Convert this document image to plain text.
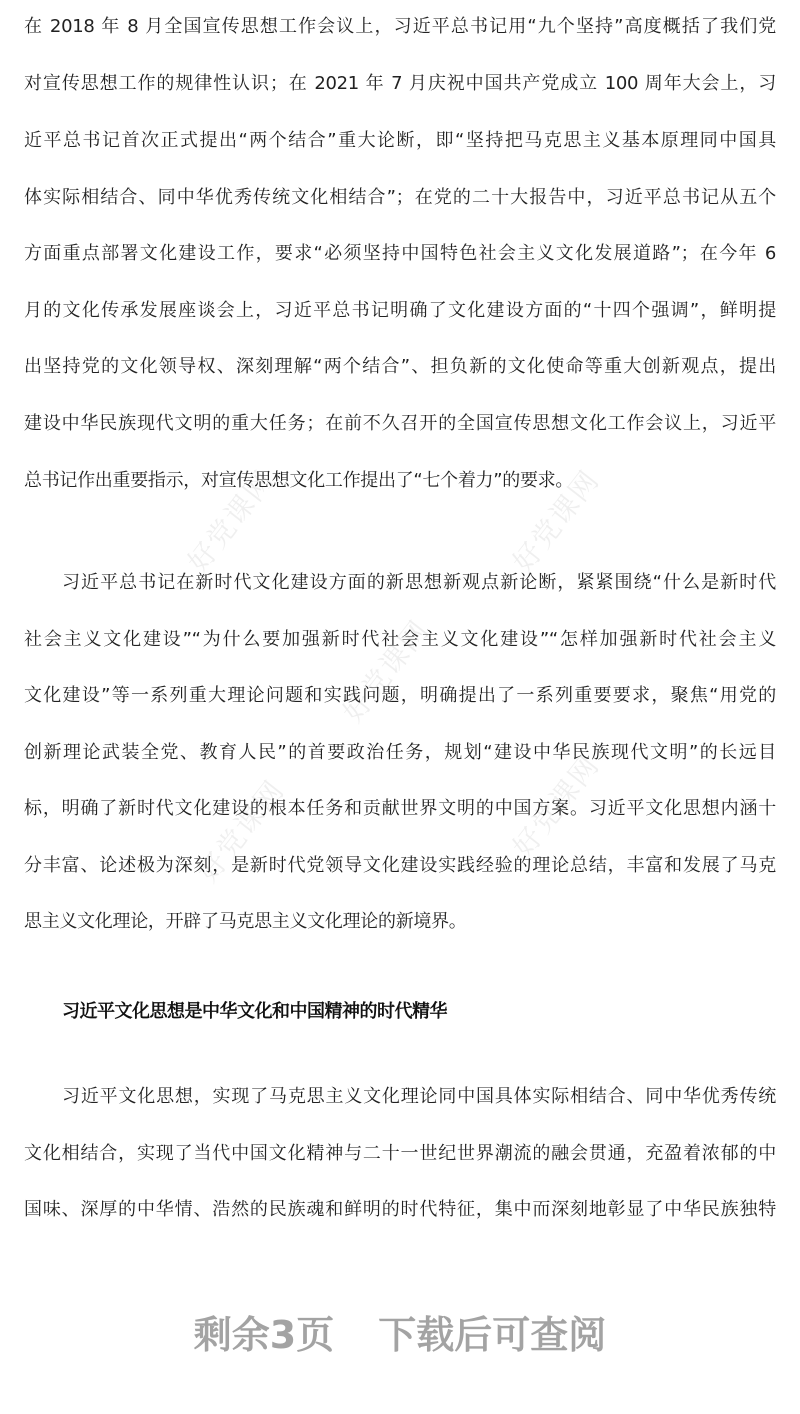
好党课网	好党课网
好党课网
好党课网	好党课网
在 2018 年 8 月全国宣传思想工作会议上，习近平总书记用“九个坚持”高度概括了我们党
对宣传思想工作的规律性认识；在 2021 年 7 月庆祝中国共产党成立 100 周年大会上，习
近平总书记首次正式提出“两个结合”重大论断，即“坚持把马克思主义基本原理同中国具
体实际相结合、同中华优秀传统文化相结合”；在党的二十大报告中，习近平总书记从五个
方面重点部署文化建设工作，要求“必须坚持中国特色社会主义文化发展道路”；在今年 6
月的文化传承发展座谈会上，习近平总书记明确了文化建设方面的“十四个强调”，鲜明提
出坚持党的文化领导权、深刻理解“两个结合”、担负新的文化使命等重大创新观点，提出
建设中华民族现代文明的重大任务；在前不久召开的全国宣传思想文化工作会议上，习近平
总书记作出重要指示，对宣传思想文化工作提出了“七个着力”的要求。
习近平总书记在新时代文化建设方面的新思想新观点新论断，紧紧围绕“什么是新时代
社会主义文化建设”“为什么要加强新时代社会主义文化建设”“怎样加强新时代社会主义
文化建设”等一系列重大理论问题和实践问题，明确提出了一系列重要要求，聚焦“用党的
创新理论武装全党、教育人民”的首要政治任务，规划“建设中华民族现代文明”的长远目
标，明确了新时代文化建设的根本任务和贡献世界文明的中国方案。习近平文化思想内涵十
分丰富、论述极为深刻，是新时代党领导文化建设实践经验的理论总结，丰富和发展了马克
思主义文化理论，开辟了马克思主义文化理论的新境界。
习近平文化思想是中华文化和中国精神的时代精华
习近平文化思想，实现了马克思主义文化理论同中国具体实际相结合、同中华优秀传统
文化相结合，实现了当代中国文化精神与二十一世纪世界潮流的融会贯通，充盈着浓郁的中
国味、深厚的中华情、浩然的民族魂和鲜明的时代特征，集中而深刻地彰显了中华民族独特
剩余3页 下载后可查阅
